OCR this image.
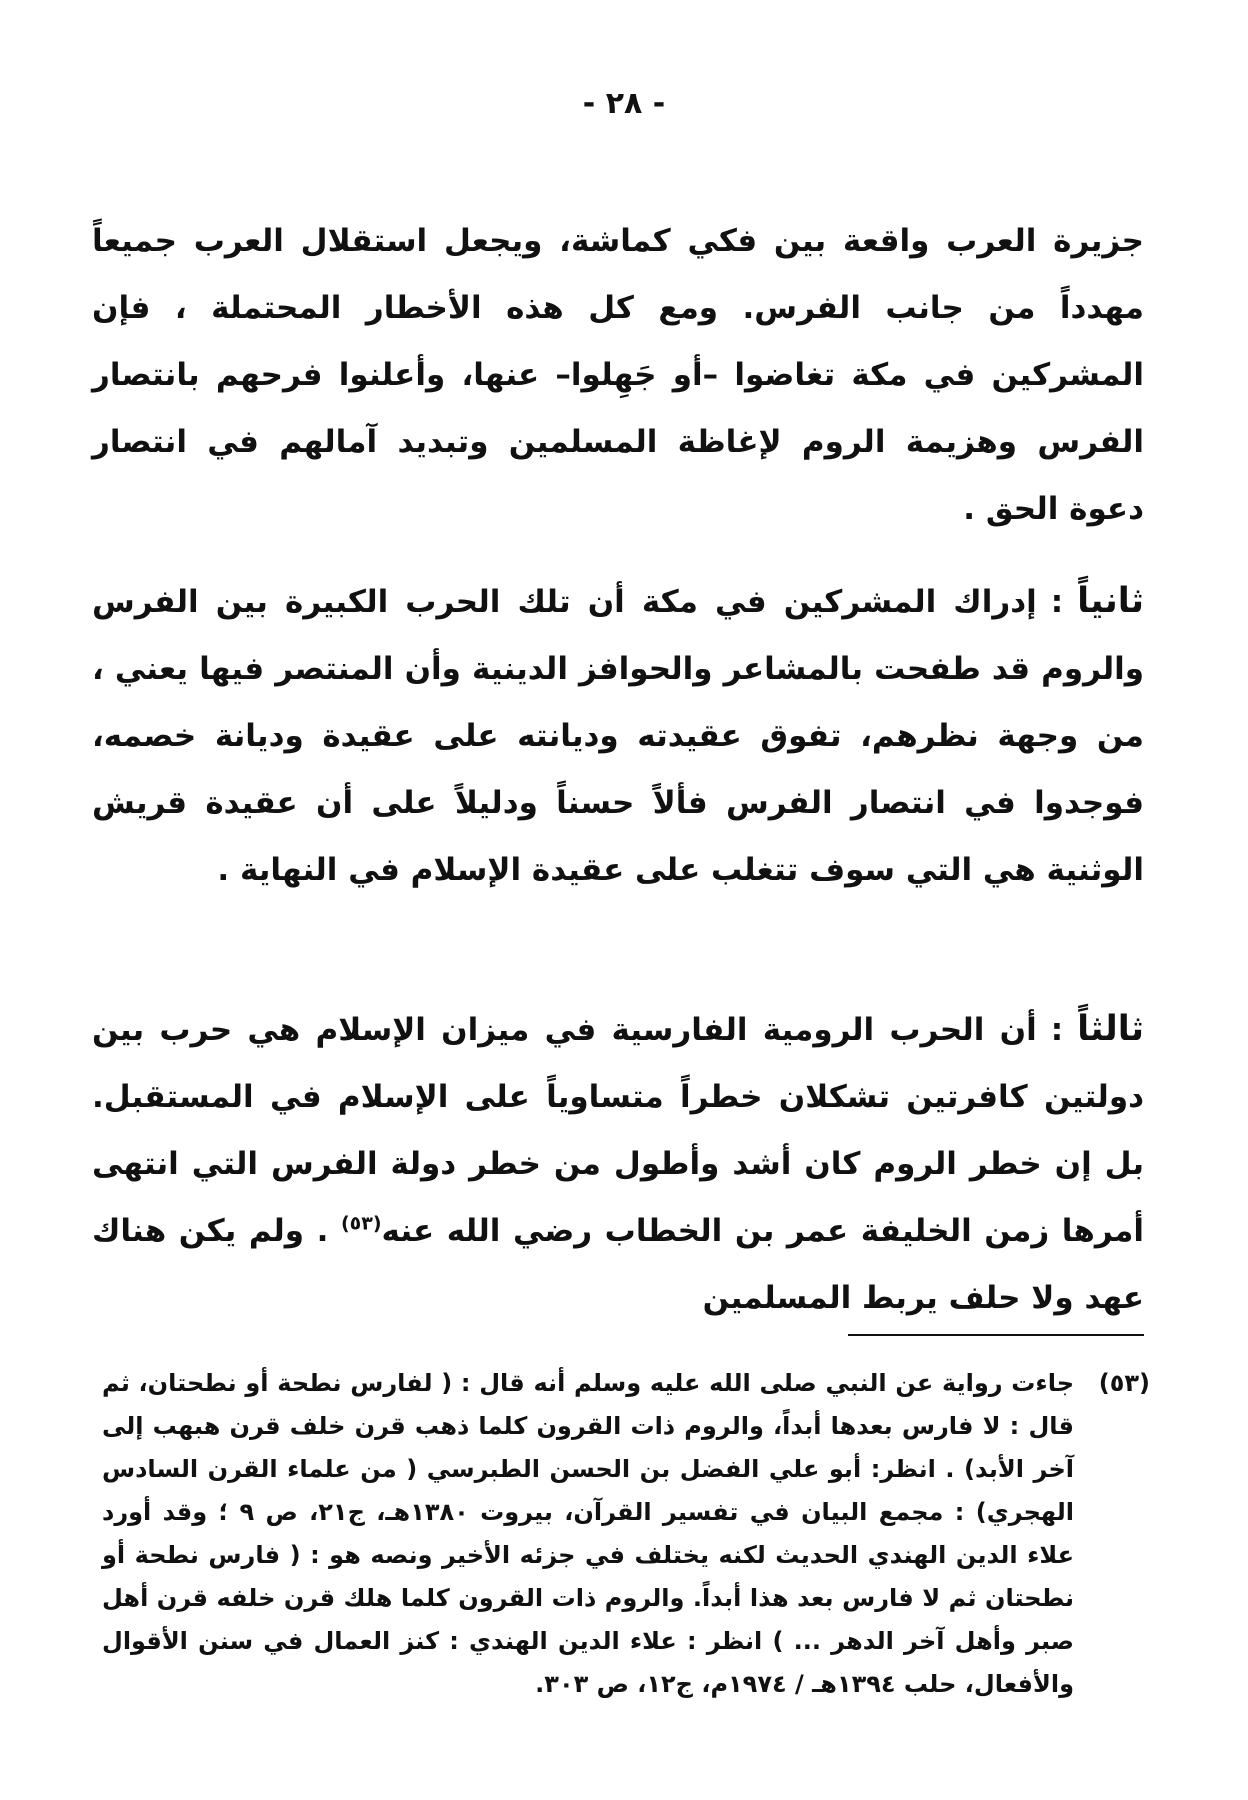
- ٢٨ -

جزيرة العرب واقعة بين فكي كماشة، ويجعل استقلال العرب جميعاً مهدداً من جانب الفرس. ومع كل هذه الأخطار المحتملة ، فإن المشركين في مكة تغاضوا –أو جَهِلوا– عنها، وأعلنوا فرحهم بانتصار الفرس وهزيمة الروم لإغاظة المسلمين وتبديد آمالهم في انتصار دعوة الحق .

ثانياً:إدراك المشركين في مكة أن تلك الحرب الكبيرة بين الفرس والروم قد طفحت بالمشاعر والحوافز الدينية وأن المنتصر فيها يعني ، من وجهة نظرهم، تفوق عقيدته وديانته على عقيدة وديانة خصمه، فوجدوا في انتصار الفرس فألاً حسناً ودليلاً على أن عقيدة قريش الوثنية هي التي سوف تتغلب على عقيدة الإسلام في النهاية .

ثالثاً:أن الحرب الرومية الفارسية في ميزان الإسلام هي حرب بين دولتين كافرتين تشكلان خطراً متساوياً على الإسلام في المستقبل. بل إن خطر الروم كان أشد وأطول من خطر دولة الفرس التي انتهى أمرها زمن الخليفة عمر بن الخطاب رضي الله عنه$^{(٥٣)}$ . ولم يكن هناك عهد ولا حلف يربط المسلمين

(٥٣)
جاءت رواية عن النبي صلى الله عليه وسلم أنه قال : ( لفارس نطحة أو نطحتان، ثم قال : لا فارس بعدها أبداً، والروم ذات القرون كلما ذهب قرن خلف قرن هبهب إلى آخر الأبد) . انظر: أبو علي الفضل بن الحسن الطبرسي ( من علماء القرن السادس الهجري) : مجمع البيان في تفسير القرآن، بيروت ١٣٨٠هـ، ج٢١، ص ٩ ؛ وقد أورد علاء الدين الهندي الحديث لكنه يختلف في جزئه الأخير ونصه هو : ( فارس نطحة أو نطحتان ثم لا فارس بعد هذا أبداً. والروم ذات القرون كلما هلك قرن خلفه قرن أهل صبر وأهل آخر الدهر ... ) انظر : علاء الدين الهندي : كنز العمال في سنن الأقوال والأفعال، حلب ١٣٩٤هـ / ١٩٧٤م، ج١٢، ص ٣٠٣.
